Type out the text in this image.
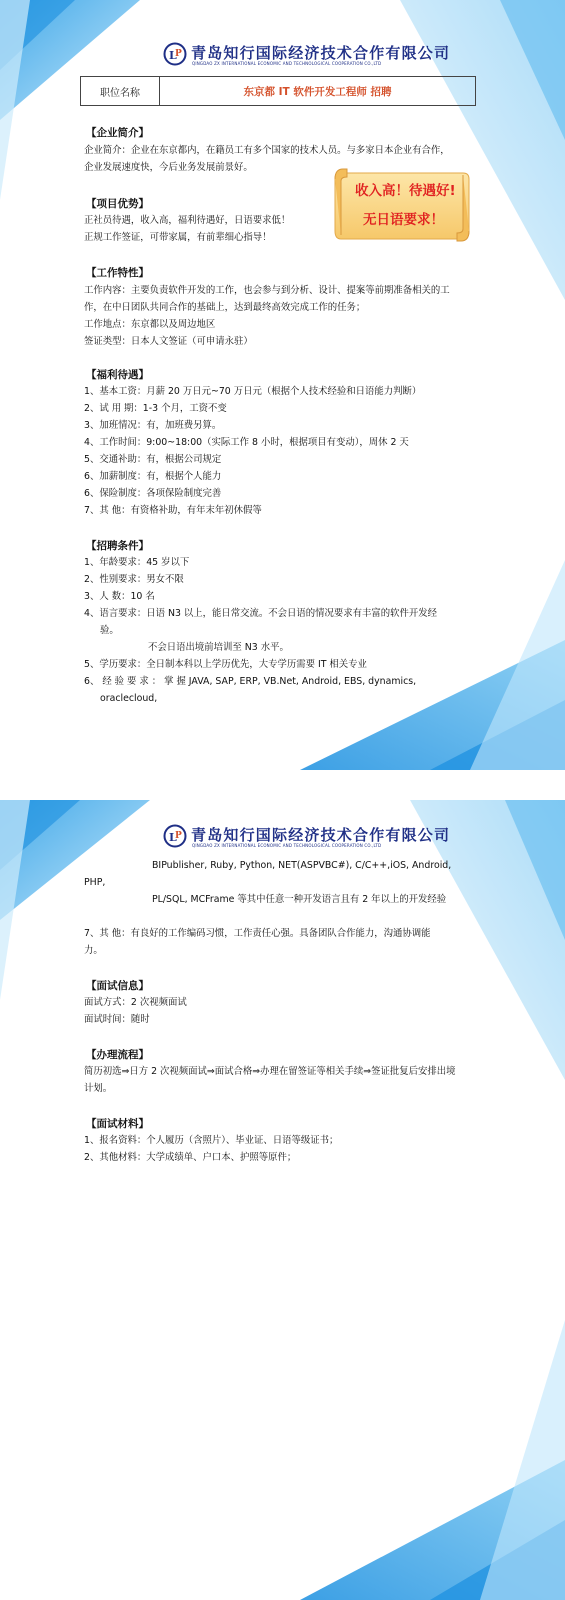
L
P 青岛知行国际经济技术合作有限公司
QINGDAO ZX INTERNATIONAL ECONOMIC AND TECHNOLOGICAL COOPERATION CO.,LTD
职位名称	东京都 IT 软件开发工程师 招聘
【企业简介】
企业简介：企业在东京都内，在籍员工有多个国家的技术人员。与多家日本企业有合作，
企业发展速度快，今后业务发展前景好。
收入高！待遇好!
无日语要求！
【项目优势】
正社员待遇，收入高，福利待遇好，日语要求低！
正规工作签证，可带家属，有前辈细心指导！
【工作特性】
工作内容：主要负责软件开发的工作，也会参与到分析、设计、提案等前期准备相关的工
作，在中日团队共同合作的基础上，达到最终高效完成工作的任务；
工作地点：东京都以及周边地区
签证类型：日本人文签证（可申请永驻）
【福利待遇】
1、基本工资：月薪 20 万日元~70 万日元（根据个人技术经验和日语能力判断）
2、试 用 期：1-3 个月，工资不变
3、加班情况：有，加班费另算。
4、工作时间：9:00~18:00（实际工作 8 小时，根据项目有变动），周休 2 天
5、交通补助：有，根据公司规定
6、加薪制度：有，根据个人能力
6、保险制度：各项保险制度完善
7、其 他：有资格补助，有年末年初休假等
【招聘条件】
1、年龄要求：45 岁以下
2、性别要求：男女不限
3、人 数：10 名
4、语言要求：日语 N3 以上，能日常交流。不会日语的情况要求有丰富的软件开发经
验。
不会日语出境前培训至 N3 水平。
5、学历要求：全日制本科以上学历优先，大专学历需要 IT 相关专业
6、 经 验 要 求 ： 掌 握 JAVA, SAP, ERP, VB.Net, Android, EBS, dynamics,
oraclecloud,
L
P 青岛知行国际经济技术合作有限公司
QINGDAO ZX INTERNATIONAL ECONOMIC AND TECHNOLOGICAL COOPERATION CO.,LTD
BIPublisher, Ruby, Python, NET(ASPVBC#), C/C++,iOS, Android,
PHP,
PL/SQL, MCFrame 等其中任意一种开发语言且有 2 年以上的开发经验
7、其 他：有良好的工作编码习惯，工作责任心强。具备团队合作能力，沟通协调能
力。
【面试信息】
面试方式：2 次视频面试
面试时间：随时
【办理流程】
简历初选⇒日方 2 次视频面试⇒面试合格⇒办理在留签证等相关手续⇒签证批复后安排出境
计划。
【面试材料】
1、报名资料：个人履历（含照片）、毕业证、日语等级证书；
2、其他材料：大学成绩单、户口本、护照等原件；
